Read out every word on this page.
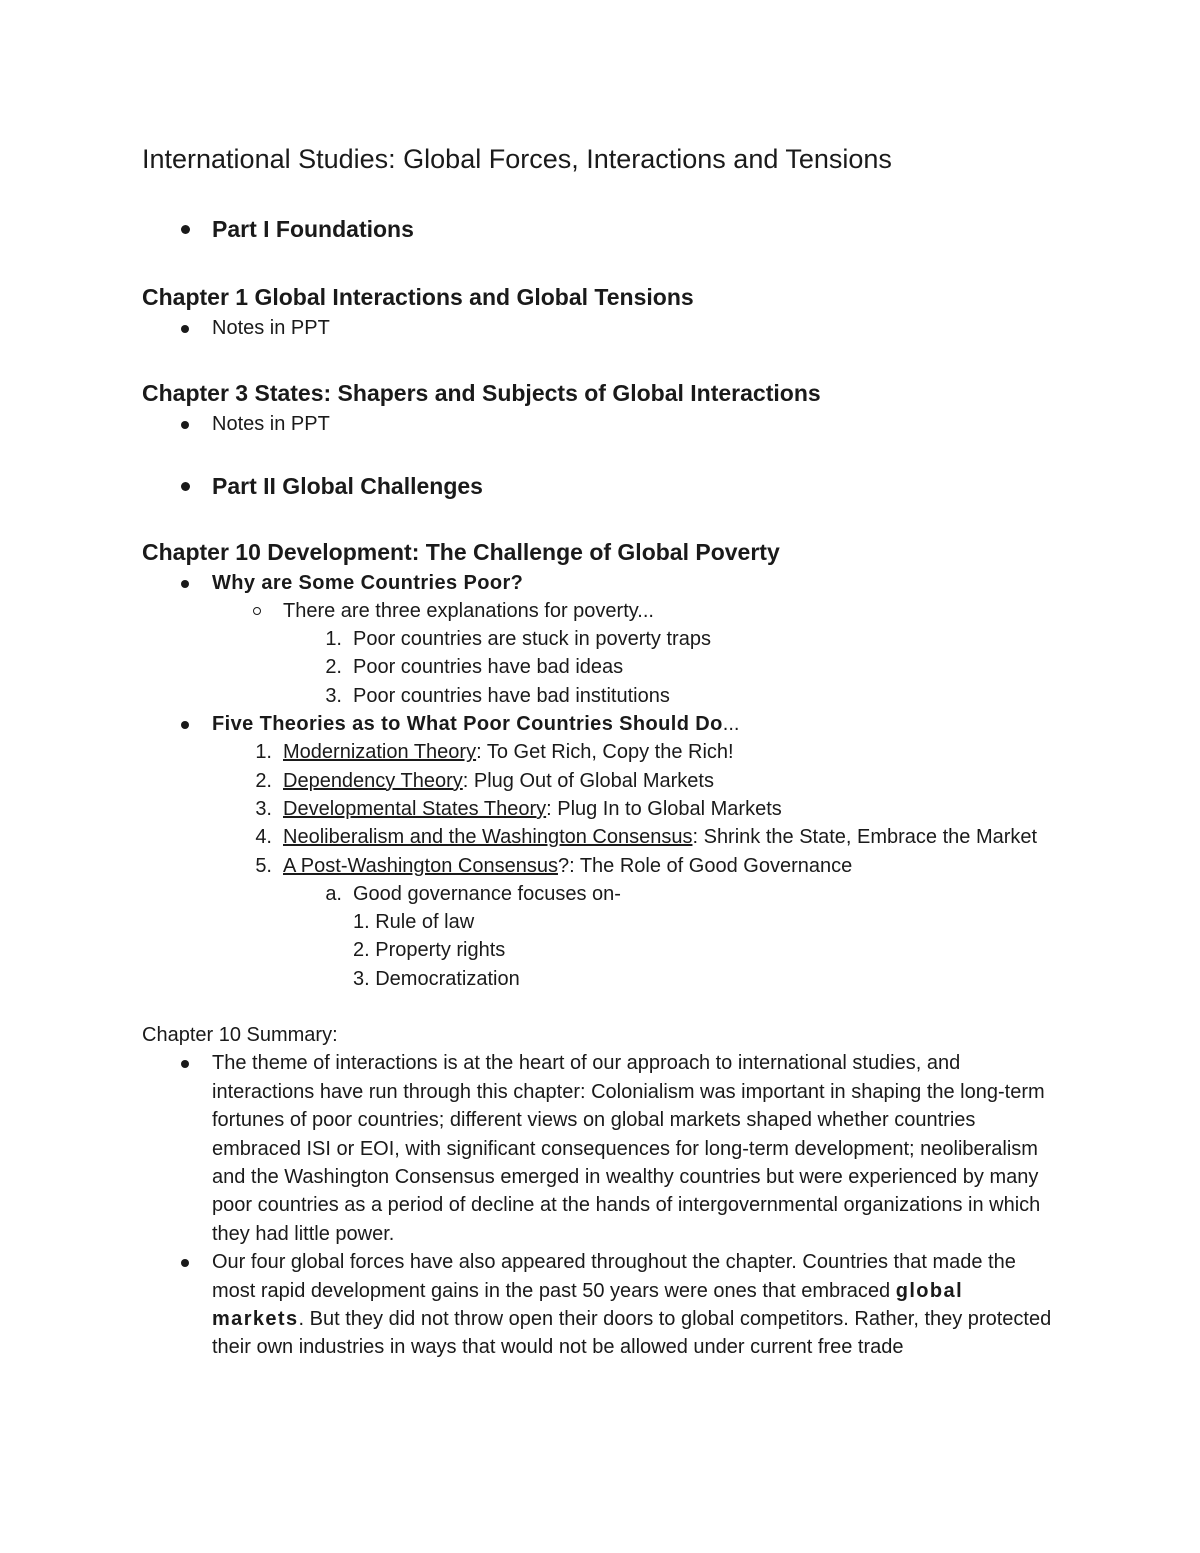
International Studies: Global Forces, Interactions and Tensions
Part I Foundations
Chapter 1 Global Interactions and Global Tensions
Notes in PPT
Chapter 3 States: Shapers and Subjects of Global Interactions
Notes in PPT
Part II Global Challenges
Chapter 10 Development: The Challenge of Global Poverty
Why are Some Countries Poor?
There are three explanations for poverty...
1. Poor countries are stuck in poverty traps
2. Poor countries have bad ideas
3. Poor countries have bad institutions
Five Theories as to What Poor Countries Should Do...
1. Modernization Theory: To Get Rich, Copy the Rich!
2. Dependency Theory: Plug Out of Global Markets
3. Developmental States Theory: Plug In to Global Markets
4. Neoliberalism and the Washington Consensus: Shrink the State, Embrace the Market
5. A Post-Washington Consensus?: The Role of Good Governance
a. Good governance focuses on-
1. Rule of law
2. Property rights
3. Democratization

Chapter 10 Summary:

The theme of interactions is at the heart of our approach to international studies, and interactions have run through this chapter: Colonialism was important in shaping the long-term fortunes of poor countries; different views on global markets shaped whether countries embraced ISI or EOI, with significant consequences for long-term development; neoliberalism and the Washington Consensus emerged in wealthy countries but were experienced by many poor countries as a period of decline at the hands of intergovernmental organizations in which they had little power.

Our four global forces have also appeared throughout the chapter. Countries that made the most rapid development gains in the past 50 years were ones that embraced global markets. But they did not throw open their doors to global competitors. Rather, they protected their own industries in ways that would not be allowed under current free trade
